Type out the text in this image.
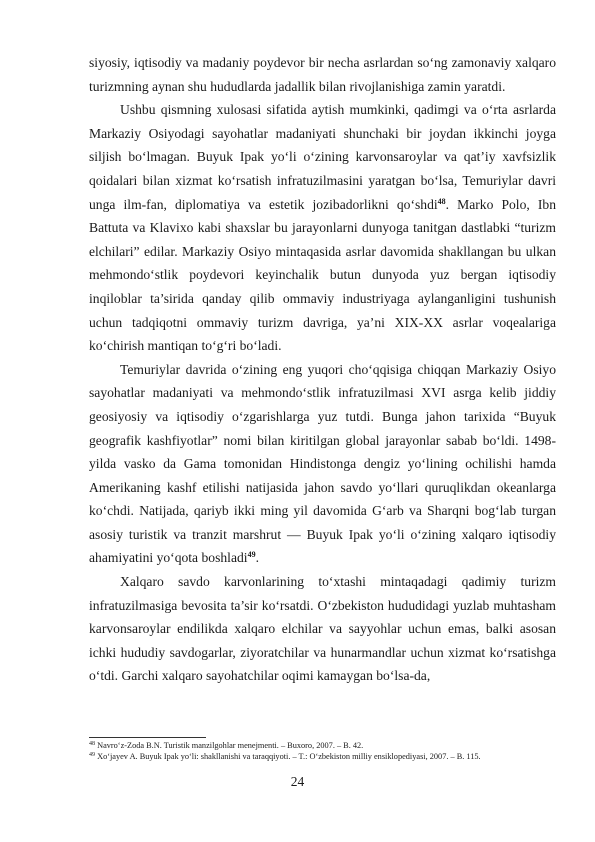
siyosiy, iqtisodiy va madaniy poydevor bir necha asrlardan so‘ng zamonaviy xalqaro turizmning aynan shu hududlarda jadallik bilan rivojlanishiga zamin yaratdi.

Ushbu qismning xulosasi sifatida aytish mumkinki, qadimgi va o‘rta asrlarda Markaziy Osiyodagi sayohatlar madaniyati shunchaki bir joydan ikkinchi joyga siljish bo‘lmagan. Buyuk Ipak yo‘li o‘zining karvonsaroylar va qat’iy xavfsizlik qoidalari bilan xizmat ko‘rsatish infratuzilmasini yaratgan bo‘lsa, Temuriylar davri unga ilm-fan, diplomatiya va estetik jozibadorlikni qo‘shdi$^{48}$. Marko Polo, Ibn Battuta va Klavixo kabi shaxslar bu jarayonlarni dunyoga tanitgan dastlabki “turizm elchilari” edilar. Markaziy Osiyo mintaqasida asrlar davomida shakllangan bu ulkan mehmondo‘stlik poydevori keyinchalik butun dunyoda yuz bergan iqtisodiy inqiloblar ta’sirida qanday qilib ommaviy industriyaga aylanganligini tushunish uchun tadqiqotni ommaviy turizm davriga, ya’ni XIX-XX asrlar voqealariga ko‘chirish mantiqan to‘g‘ri bo‘ladi.

Temuriylar davrida o‘zining eng yuqori cho‘qqisiga chiqqan Markaziy Osiyo sayohatlar madaniyati va mehmondo‘stlik infratuzilmasi XVI asrga kelib jiddiy geosiyosiy va iqtisodiy o‘zgarishlarga yuz tutdi. Bunga jahon tarixida “Buyuk geografik kashfiyotlar” nomi bilan kiritilgan global jarayonlar sabab bo‘ldi. 1498-yilda vasko da Gama tomonidan Hindistonga dengiz yo‘lining ochilishi hamda Amerikaning kashf etilishi natijasida jahon savdo yo‘llari quruqlikdan okeanlarga ko‘chdi. Natijada, qariyb ikki ming yil davomida G‘arb va Sharqni bog‘lab turgan asosiy turistik va tranzit marshrut — Buyuk Ipak yo‘li o‘zining xalqaro iqtisodiy ahamiyatini yo‘qota boshladi$^{49}$.

Xalqaro savdo karvonlarining to‘xtashi mintaqadagi qadimiy turizm infratuzilmasiga bevosita ta’sir ko‘rsatdi. O‘zbekiston hududidagi yuzlab muhtasham karvonsaroylar endilikda xalqaro elchilar va sayyohlar uchun emas, balki asosan ichki hududiy savdogarlar, ziyoratchilar va hunarmandlar uchun xizmat ko‘rsatishga o‘tdi. Garchi xalqaro sayohatchilar oqimi kamaygan bo‘lsa-da,

$^{48}$ Navro‘z-Zoda B.N. Turistik manzilgohlar menejmenti. – Buxoro, 2007. – B. 42.

$^{49}$ Xo‘jayev A. Buyuk Ipak yo‘li: shakllanishi va taraqqiyoti. – T.: O‘zbekiston milliy ensiklopediyasi, 2007. – B. 115.

24
